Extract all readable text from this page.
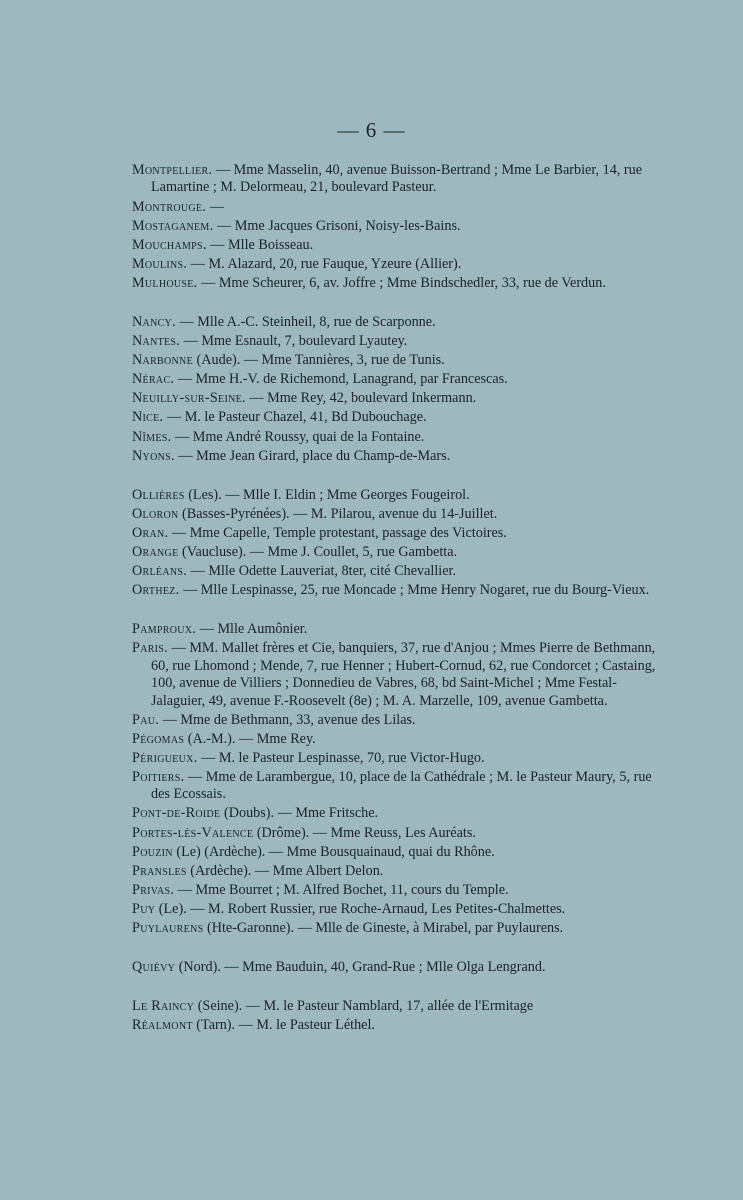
— 6 —
Montpellier. — Mme Masselin, 40, avenue Buisson-Bertrand ; Mme Le Barbier, 14, rue Lamartine ; M. Delormeau, 21, boulevard Pasteur.
Montrouge. —
Mostaganem. — Mme Jacques Grisoni, Noisy-les-Bains.
Mouchamps. — Mlle Boisseau.
Moulins. — M. Alazard, 20, rue Fauque, Yzeure (Allier).
Mulhouse. — Mme Scheurer, 6, av. Joffre ; Mme Bindschedler, 33, rue de Verdun.
Nancy. — Mlle A.-C. Steinheil, 8, rue de Scarponne.
Nantes. — Mme Esnault, 7, boulevard Lyautey.
Narbonne (Aude). — Mme Tannières, 3, rue de Tunis.
Nérac. — Mme H.-V. de Richemond, Lanagrand, par Francescas.
Neuilly-sur-Seine. — Mme Rey, 42, boulevard Inkermann.
Nice. — M. le Pasteur Chazel, 41, Bd Dubouchage.
Nîmes. — Mme André Roussy, quai de la Fontaine.
Nyons. — Mme Jean Girard, place du Champ-de-Mars.
Ollières (Les). — Mlle I. Eldin ; Mme Georges Fougeirol.
Oloron (Basses-Pyrénées). — M. Pilarou, avenue du 14-Juillet.
Oran. — Mme Capelle, Temple protestant, passage des Victoires.
Orange (Vaucluse). — Mme J. Coullet, 5, rue Gambetta.
Orléans. — Mlle Odette Lauveriat, 8ter, cité Chevallier.
Orthez. — Mlle Lespinasse, 25, rue Moncade ; Mme Henry Nogaret, rue du Bourg-Vieux.
Pamproux. — Mlle Aumônier.
Paris. — MM. Mallet frères et Cie, banquiers, 37, rue d'Anjou ; Mmes Pierre de Bethmann, 60, rue Lhomond ; Mende, 7, rue Henner ; Hubert-Cornud, 62, rue Condorcet ; Castaing, 100, avenue de Villiers ; Donnedieu de Vabres, 68, bd Saint-Michel ; Mme Festal-Jalaguier, 49, avenue F.-Roosevelt (8e) ; M. A. Marzelle, 109, avenue Gambetta.
Pau. — Mme de Bethmann, 33, avenue des Lilas.
Pégomas (A.-M.). — Mme Rey.
Périgueux. — M. le Pasteur Lespinasse, 70, rue Victor-Hugo.
Poitiers. — Mme de Larambergue, 10, place de la Cathédrale ; M. le Pasteur Maury, 5, rue des Ecossais.
Pont-de-Roide (Doubs). — Mme Fritsche.
Portes-lès-Valence (Drôme). — Mme Reuss, Les Auréats.
Pouzin (Le) (Ardèche). — Mme Bousquainaud, quai du Rhône.
Pransles (Ardèche). — Mme Albert Delon.
Privas. — Mme Bourret ; M. Alfred Bochet, 11, cours du Temple.
Puy (Le). — M. Robert Russier, rue Roche-Arnaud, Les Petites-Chalmettes.
Puylaurens (Hte-Garonne). — Mlle de Gineste, à Mirabel, par Puylaurens.
Quiévy (Nord). — Mme Bauduin, 40, Grand-Rue ; Mlle Olga Lengrand.
Le Raincy (Seine). — M. le Pasteur Namblard, 17, allée de l'Ermitage
Réalmont (Tarn). — M. le Pasteur Léthel.
